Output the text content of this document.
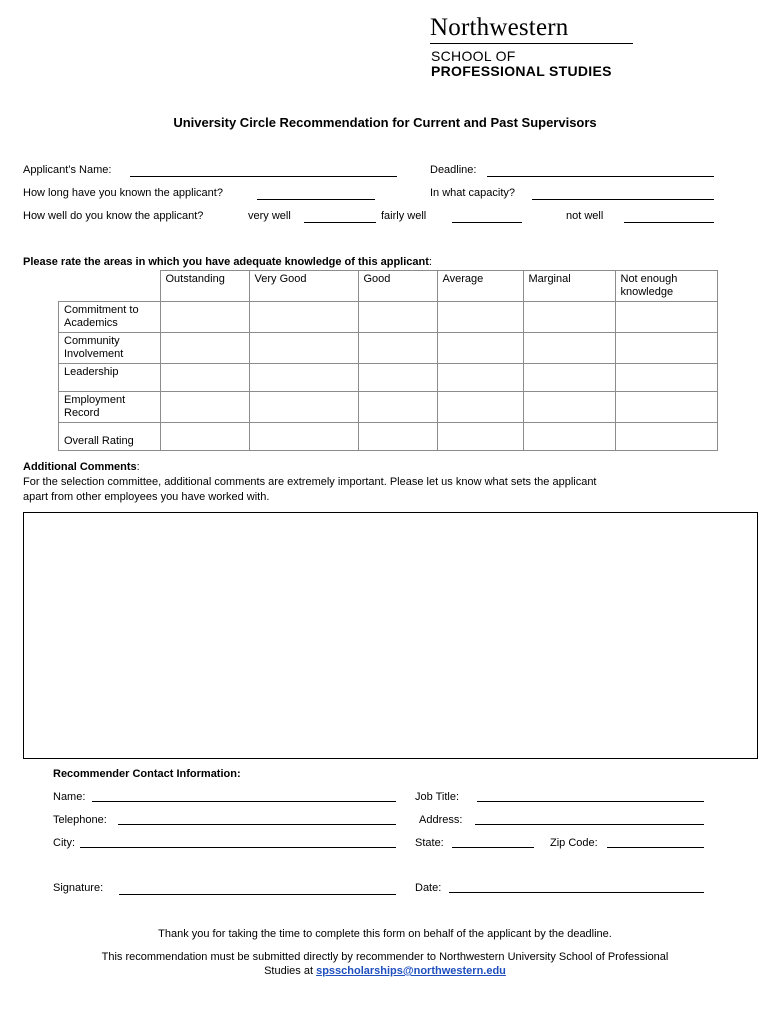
Northwestern
SCHOOL OF
PROFESSIONAL STUDIES
University Circle Recommendation for Current and Past Supervisors
Applicant’s Name:	Deadline:
How long have you known the applicant?	In what capacity?
How well do you know the applicant?	very well	fairly well	not well
Please rate the areas in which you have adequate knowledge of this applicant:
	Outstanding	Very Good	Good	Average	Marginal	Not enough knowledge
Commitment to Academics						
Community Involvement						
Leadership						
Employment Record						
Overall Rating						
Additional Comments:
For the selection committee, additional comments are extremely important. Please let us know what sets the applicant
apart from other employees you have worked with.
Recommender Contact Information:
Name:	Job Title:
Telephone:	Address:
City:	State:	Zip Code:
Signature:	Date:
Thank you for taking the time to complete this form on behalf of the applicant by the deadline.
This recommendation must be submitted directly by recommender to Northwestern University School of Professional
Studies at spsscholarships@northwestern.edu
